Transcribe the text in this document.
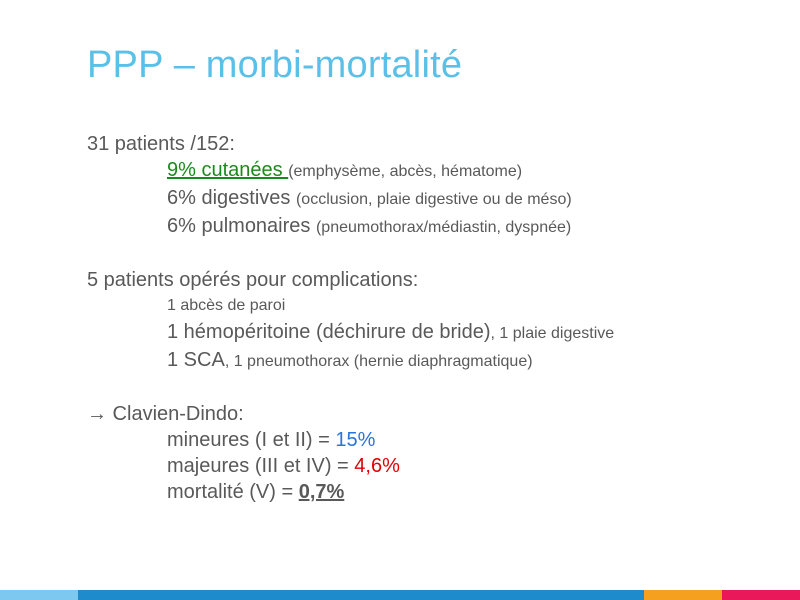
PPP – morbi-mortalité
31 patients /152:
9% cutanées (emphysème, abcès, hématome)
6% digestives (occlusion, plaie digestive ou de méso)
6% pulmonaires (pneumothorax/médiastin, dyspnée)
5 patients opérés pour complications:
1 abcès de paroi
1 hémopéritoine (déchirure de bride), 1 plaie digestive
1 SCA, 1 pneumothorax (hernie diaphragmatique)
→ Clavien-Dindo:
mineures (I et II) = 15%
majeures (III et IV) = 4,6%
mortalité (V) = 0,7%
